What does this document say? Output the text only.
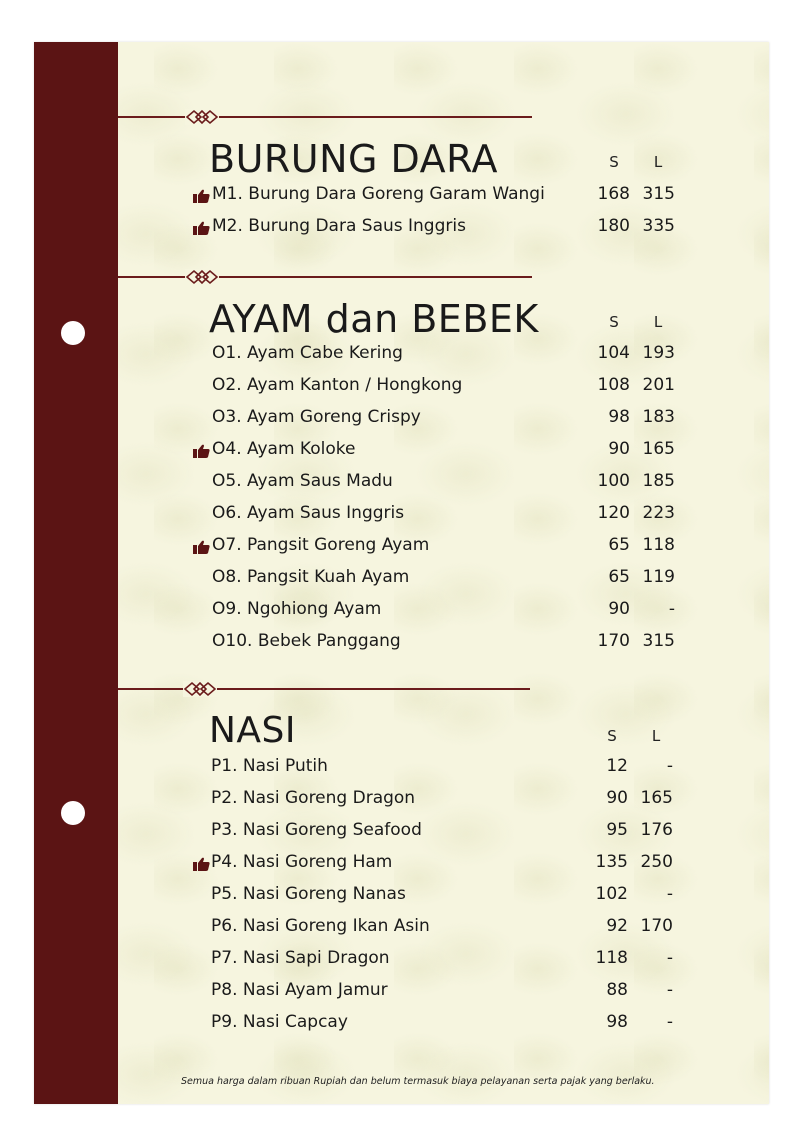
BURUNG DARA	S	L
AYAM dan BEBEK	S	L
NASI	S	L
M1. Burung Dara Goreng Garam Wangi	168 315
M2. Burung Dara Saus Inggris	180 335
O1. Ayam Cabe Kering	104 193
O2. Ayam Kanton / Hongkong	108 201
O3. Ayam Goreng Crispy	98 183
O4. Ayam Koloke	90 165
O5. Ayam Saus Madu	100 185
O6. Ayam Saus Inggris	120 223
O7. Pangsit Goreng Ayam	65 118
O8. Pangsit Kuah Ayam	65 119
O9. Ngohiong Ayam	90	-
O10. Bebek Panggang	170 315
P1. Nasi Putih	12	-
P2. Nasi Goreng Dragon	90 165
P3. Nasi Goreng Seafood	95 176
P4. Nasi Goreng Ham	135 250
P5. Nasi Goreng Nanas	102	-
P6. Nasi Goreng Ikan Asin	92 170
P7. Nasi Sapi Dragon	118	-
P8. Nasi Ayam Jamur	88	-
P9. Nasi Capcay	98	-
Semua harga dalam ribuan Rupiah dan belum termasuk biaya pelayanan serta pajak yang berlaku.
